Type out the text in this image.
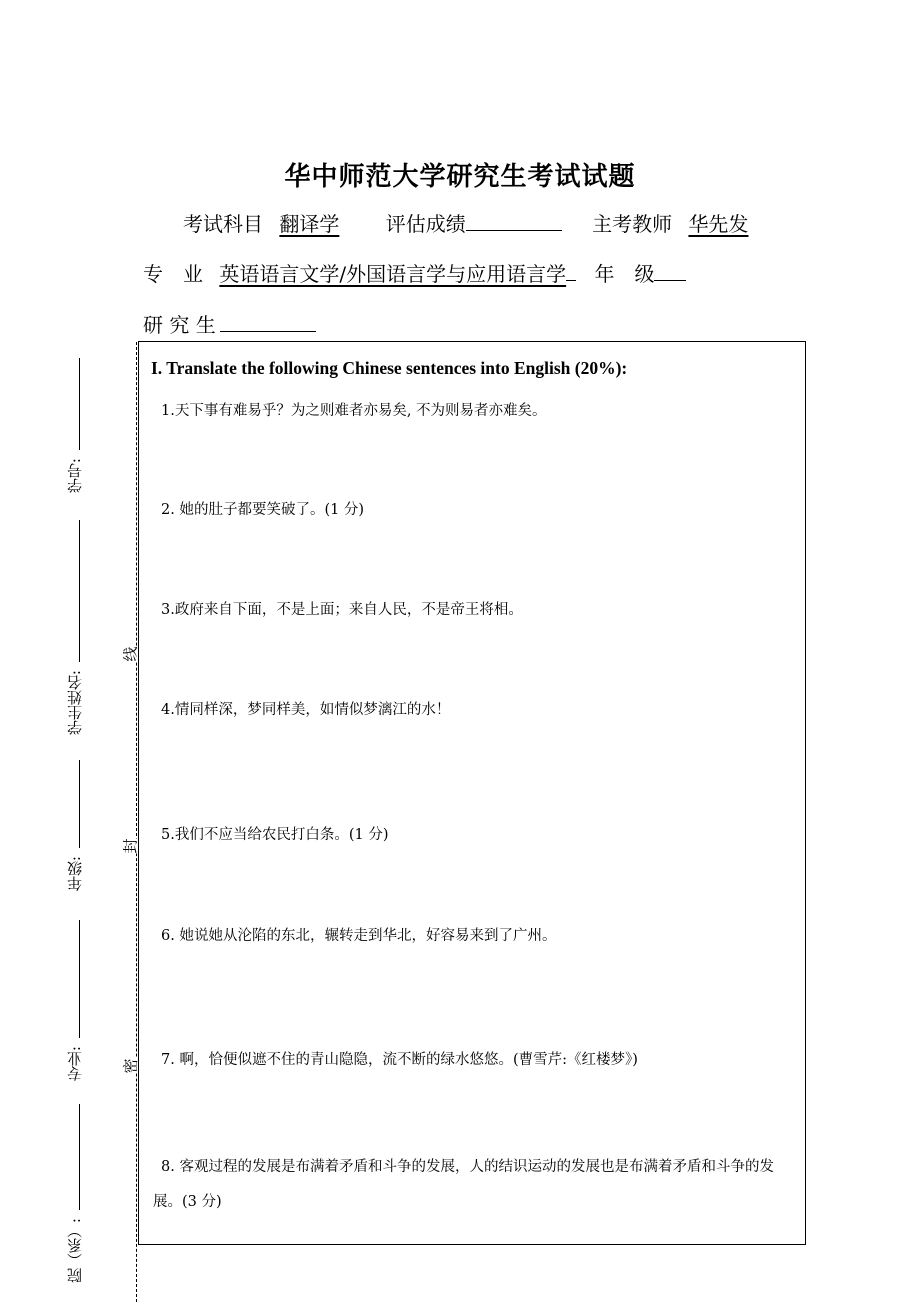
华中师范大学研究生考试试题
考试科目 翻译学 评估成绩	主考教师 华先发
专　业 英语语言文学/外国语言学与应用语言学 年　级
研 究 生
学号:
学生姓名:
年级:
专业:
院（系）:
线
封
密
I. Translate the following Chinese sentences into English (20%):
1.天下事有难易乎？为之则难者亦易矣, 不为则易者亦难矣。
2. 她的肚子都要笑破了。(1 分)
3.政府来自下面，不是上面；来自人民，不是帝王将相。
4.情同样深，梦同样美，如情似梦漓江的水！
5.我们不应当给农民打白条。(1 分)
6. 她说她从沦陷的东北，辗转走到华北，好容易来到了广州。
7. 啊，恰便似遮不住的青山隐隐，流不断的绿水悠悠。(曹雪芹:《红楼梦》)
8. 客观过程的发展是布满着矛盾和斗争的发展，人的结识运动的发展也是布满着矛盾和斗争的发展。(3 分)
